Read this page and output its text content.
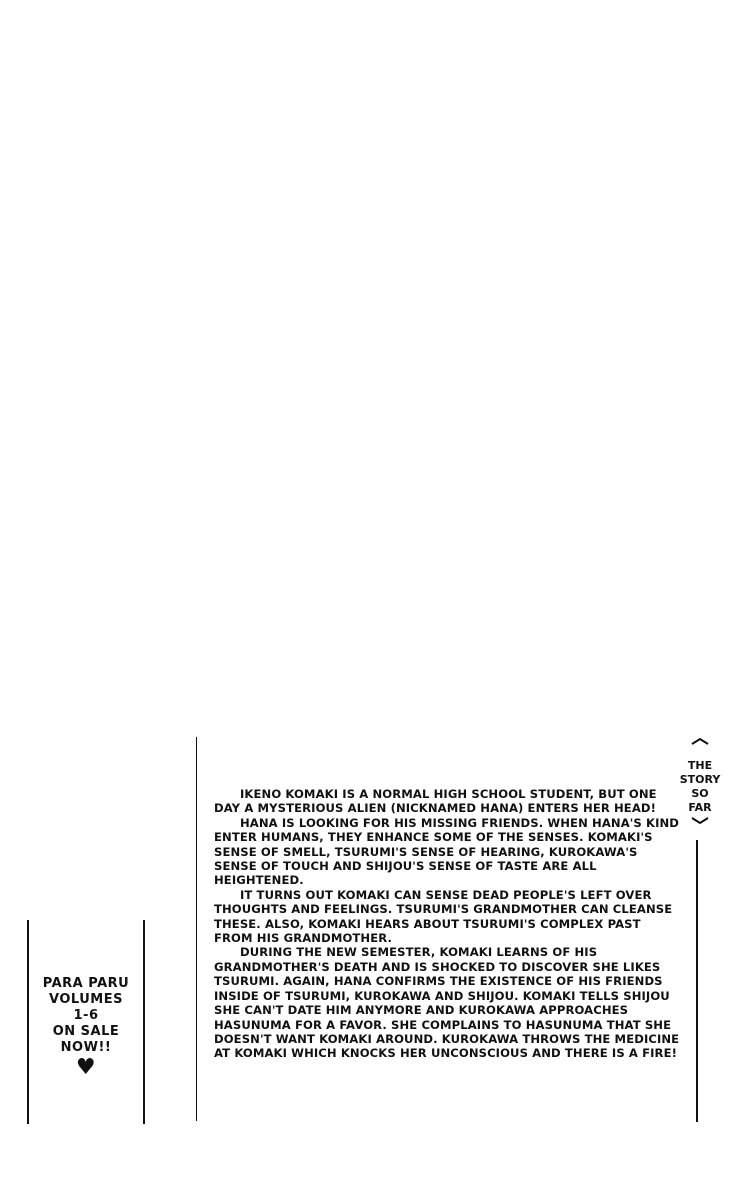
PARA PARU
VOLUMES
1-6
ON SALE
NOW!!
♥

IKENO KOMAKI IS A NORMAL HIGH SCHOOL STUDENT, BUT ONE DAY A MYSTERIOUS ALIEN (NICKNAMED HANA) ENTERS HER HEAD!

HANA IS LOOKING FOR HIS MISSING FRIENDS. WHEN HANA'S KIND ENTER HUMANS, THEY ENHANCE SOME OF THE SENSES. KOMAKI'S SENSE OF SMELL, TSURUMI'S SENSE OF HEARING, KUROKAWA'S SENSE OF TOUCH AND SHIJOU'S SENSE OF TASTE ARE ALL HEIGHTENED.

IT TURNS OUT KOMAKI CAN SENSE DEAD PEOPLE'S LEFT OVER THOUGHTS AND FEELINGS. TSURUMI'S GRANDMOTHER CAN CLEANSE THESE. ALSO, KOMAKI HEARS ABOUT TSURUMI'S COMPLEX PAST FROM HIS GRANDMOTHER.

DURING THE NEW SEMESTER, KOMAKI LEARNS OF HIS GRANDMOTHER'S DEATH AND IS SHOCKED TO DISCOVER SHE LIKES TSURUMI. AGAIN, HANA CONFIRMS THE EXISTENCE OF HIS FRIENDS INSIDE OF TSURUMI, KUROKAWA AND SHIJOU. KOMAKI TELLS SHIJOU SHE CAN'T DATE HIM ANYMORE AND KUROKAWA APPROACHES HASUNUMA FOR A FAVOR. SHE COMPLAINS TO HASUNUMA THAT SHE DOESN'T WANT KOMAKI AROUND. KUROKAWA THROWS THE MEDICINE AT KOMAKI WHICH KNOCKS HER UNCONSCIOUS AND THERE IS A FIRE!

THE
STORY
SO
FAR
